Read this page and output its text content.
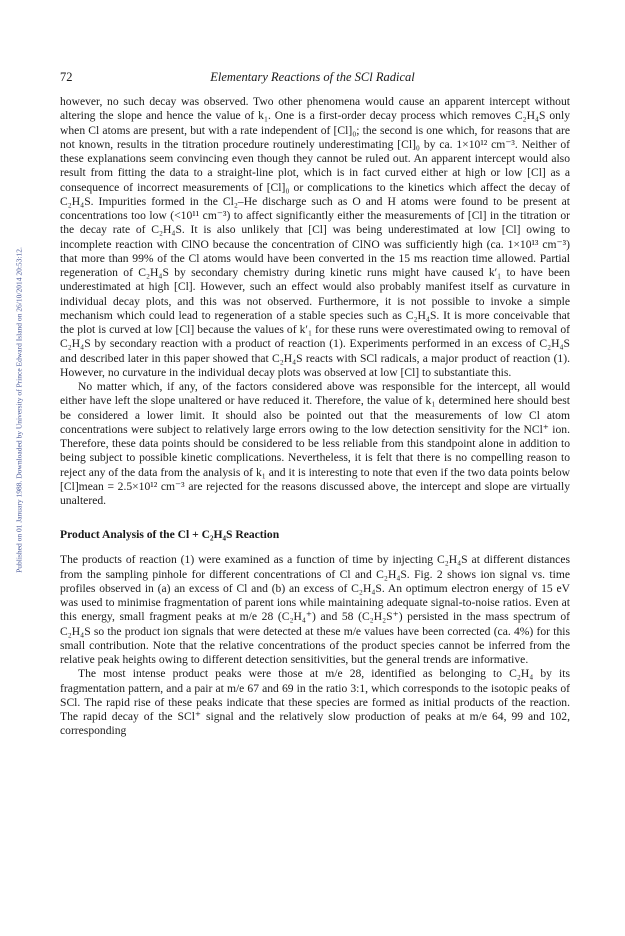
72	Elementary Reactions of the SCl Radical
Published on 01 January 1988. Downloaded by University of Prince Edward Island on 26/10/2014 20:53:12.

however, no such decay was observed. Two other phenomena would cause an apparent intercept without altering the slope and hence the value of k₁. One is a first-order decay process which removes C₂H₄S only when Cl atoms are present, but with a rate independent of [Cl]₀; the second is one which, for reasons that are not known, results in the titration procedure routinely underestimating [Cl]₀ by ca. 1×10¹² cm⁻³. Neither of these explanations seem convincing even though they cannot be ruled out. An apparent intercept would also result from fitting the data to a straight-line plot, which is in fact curved either at high or low [Cl] as a consequence of incorrect measurements of [Cl]₀ or complications to the kinetics which affect the decay of C₂H₄S. Impurities formed in the Cl₂–He discharge such as O and H atoms were found to be present at concentrations too low (<10¹¹ cm⁻³) to affect significantly either the measurements of [Cl] in the titration or the decay rate of C₂H₄S. It is also unlikely that [Cl] was being underestimated at low [Cl] owing to incomplete reaction with ClNO because the concentration of ClNO was sufficiently high (ca. 1×10¹³ cm⁻³) that more than 99% of the Cl atoms would have been converted in the 15 ms reaction time allowed. Partial regeneration of C₂H₄S by secondary chemistry during kinetic runs might have caused k′₁ to have been underestimated at high [Cl]. However, such an effect would also probably manifest itself as curvature in individual decay plots, and this was not observed. Furthermore, it is not possible to invoke a simple mechanism which could lead to regeneration of a stable species such as C₂H₄S. It is more conceivable that the plot is curved at low [Cl] because the values of k′₁ for these runs were overestimated owing to removal of C₂H₄S by secondary reaction with a product of reaction (1). Experiments performed in an excess of C₂H₄S and described later in this paper showed that C₂H₄S reacts with SCl radicals, a major product of reaction (1). However, no curvature in the individual decay plots was observed at low [Cl] to substantiate this.

No matter which, if any, of the factors considered above was responsible for the intercept, all would either have left the slope unaltered or have reduced it. Therefore, the value of k₁ determined here should best be considered a lower limit. It should also be pointed out that the measurements of low Cl atom concentrations were subject to relatively large errors owing to the low detection sensitivity for the NCl⁺ ion. Therefore, these data points should be considered to be less reliable from this standpoint alone in addition to being subject to possible kinetic complications. Nevertheless, it is felt that there is no compelling reason to reject any of the data from the analysis of k₁ and it is interesting to note that even if the two data points below [Cl]mean = 2.5×10¹² cm⁻³ are rejected for the reasons discussed above, the intercept and slope are virtually unaltered.

Product Analysis of the Cl + C₂H₄S Reaction

The products of reaction (1) were examined as a function of time by injecting C₂H₄S at different distances from the sampling pinhole for different concentrations of Cl and C₂H₄S. Fig. 2 shows ion signal vs. time profiles observed in (a) an excess of Cl and (b) an excess of C₂H₄S. An optimum electron energy of 15 eV was used to minimise fragmentation of parent ions while maintaining adequate signal-to-noise ratios. Even at this energy, small fragment peaks at m/e 28 (C₂H₄⁺) and 58 (C₂H₂S⁺) persisted in the mass spectrum of C₂H₄S so the product ion signals that were detected at these m/e values have been corrected (ca. 4%) for this small contribution. Note that the relative concentrations of the product species cannot be inferred from the relative peak heights owing to different detection sensitivities, but the general trends are informative.

The most intense product peaks were those at m/e 28, identified as belonging to C₂H₄ by its fragmentation pattern, and a pair at m/e 67 and 69 in the ratio 3:1, which corresponds to the isotopic peaks of SCl. The rapid rise of these peaks indicate that these species are formed as initial products of the reaction. The rapid decay of the SCl⁺ signal and the relatively slow production of peaks at m/e 64, 99 and 102, corresponding
